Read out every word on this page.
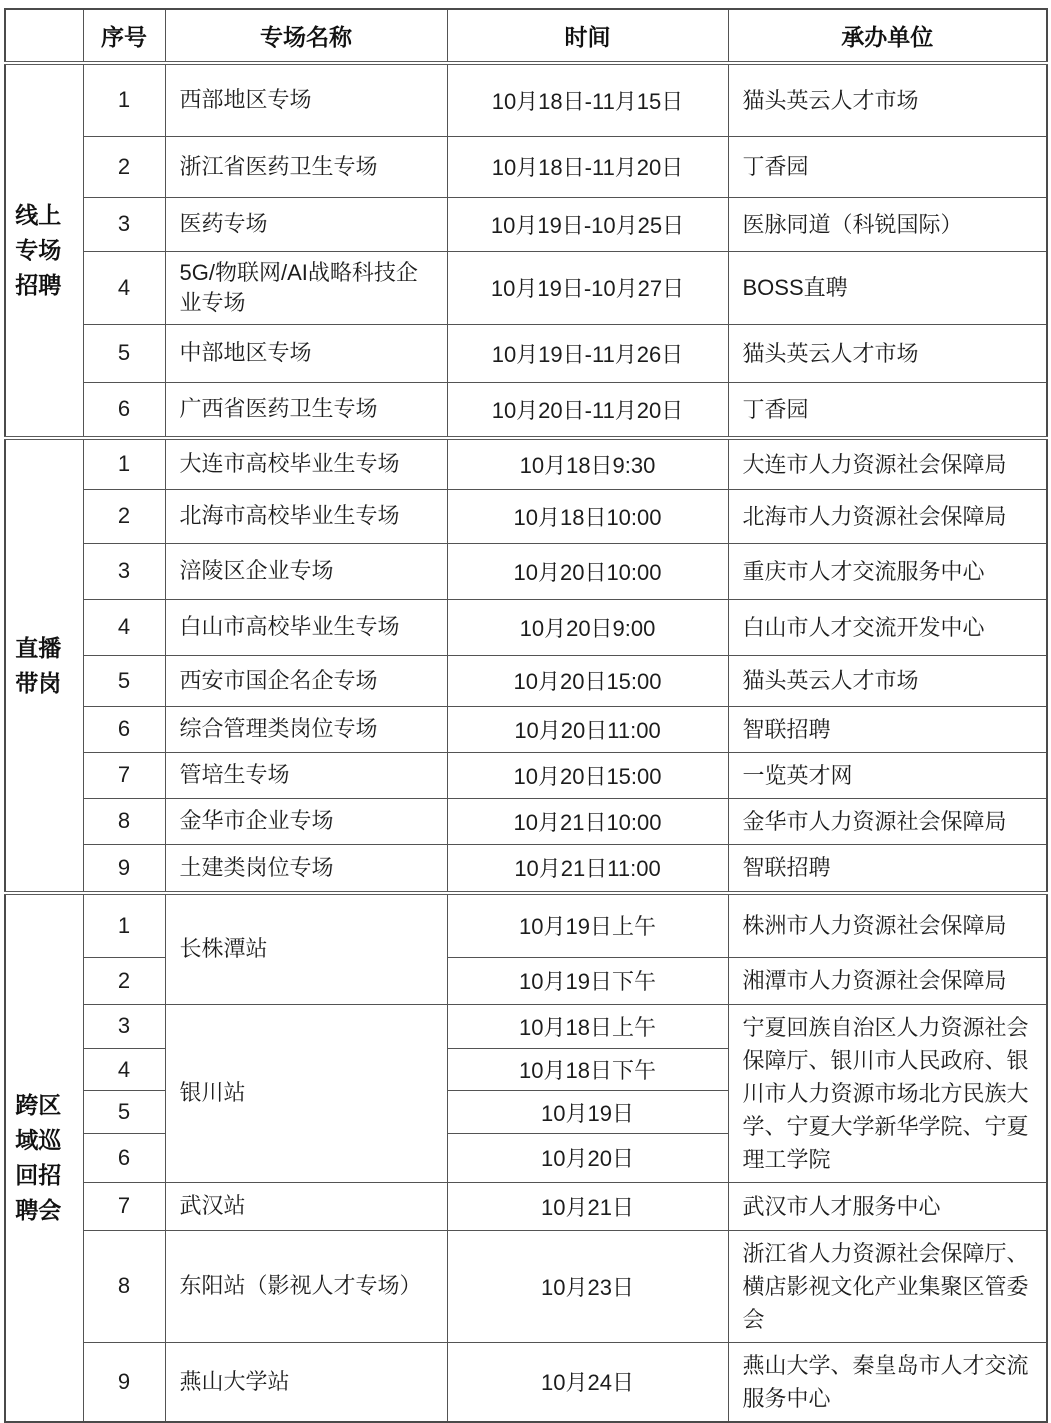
	序号	专场名称	时间	承办单位

线上
专场
招聘	1	西部地区专场	10月18日-11月15日	猫头英云人才市场
	2	浙江省医药卫生专场	10月18日-11月20日	丁香园
	3	医药专场	10月19日-10月25日	医脉同道（科锐国际）
	4	5G/物联网/AI战略科技企业专场	10月19日-10月27日	BOSS直聘
	5	中部地区专场	10月19日-11月26日	猫头英云人才市场
	6	广西省医药卫生专场	10月20日-11月20日	丁香园

直播
带岗	1	大连市高校毕业生专场	10月18日9:30	大连市人力资源社会保障局
	2	北海市高校毕业生专场	10月18日10:00	北海市人力资源社会保障局
	3	涪陵区企业专场	10月20日10:00	重庆市人才交流服务中心
	4	白山市高校毕业生专场	10月20日9:00	白山市人才交流开发中心
	5	西安市国企名企专场	10月20日15:00	猫头英云人才市场
	6	综合管理类岗位专场	10月20日11:00	智联招聘
	7	管培生专场	10月20日15:00	一览英才网
	8	金华市企业专场	10月21日10:00	金华市人力资源社会保障局
	9	土建类岗位专场	10月21日11:00	智联招聘

跨区
域巡
回招
聘会	1	长株潭站	10月19日上午	株洲市人力资源社会保障局
	2		10月19日下午	湘潭市人力资源社会保障局
	3	银川站	10月18日上午	宁夏回族自治区人力资源社会保障厅、银川市人民政府、银川市人力资源市场北方民族大学、宁夏大学新华学院、宁夏理工学院
	4		10月18日下午	
	5		10月19日	
	6		10月20日	
	7	武汉站	10月21日	武汉市人才服务中心
	8	东阳站（影视人才专场）	10月23日	浙江省人力资源社会保障厅、横店影视文化产业集聚区管委会
	9	燕山大学站	10月24日	燕山大学、秦皇岛市人才交流服务中心
